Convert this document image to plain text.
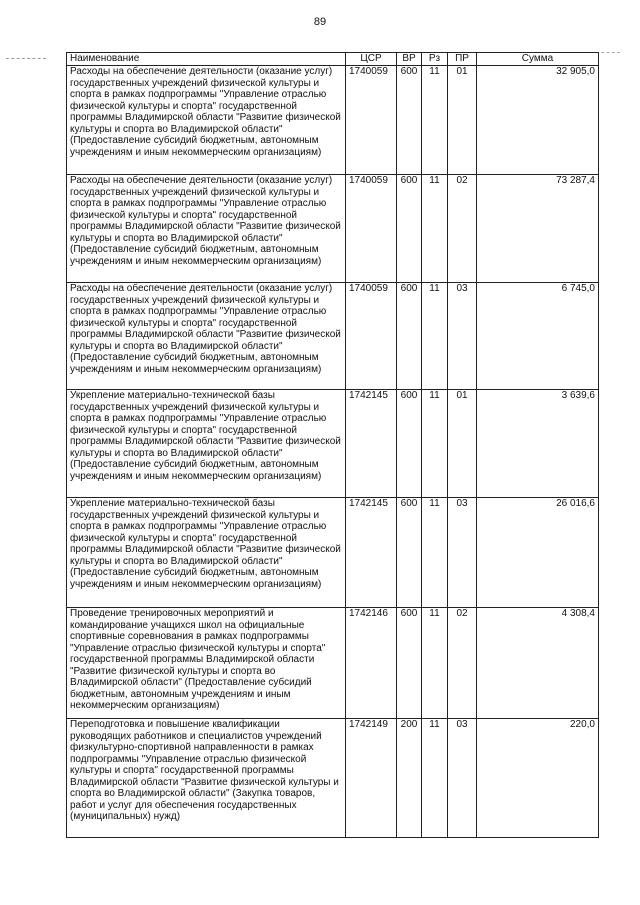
89
Наименование	ЦСР	ВР	Рз	ПР	Сумма
Расходы на обеспечение деятельности (оказание услуг) государственных учреждений физической культуры и спорта в рамках подпрограммы "Управление отраслью физической культуры и спорта" государственной программы Владимирской области "Развитие физической культуры и спорта во Владимирской области" (Предоставление субсидий бюджетным, автономным учреждениям и иным некоммерческим организациям)	1740059	600	11	01	32 905,0
Расходы на обеспечение деятельности (оказание услуг) государственных учреждений физической культуры и спорта в рамках подпрограммы "Управление отраслью физической культуры и спорта" государственной программы Владимирской области "Развитие физической культуры и спорта во Владимирской области" (Предоставление субсидий бюджетным, автономным учреждениям и иным некоммерческим организациям)	1740059	600	11	02	73 287,4
Расходы на обеспечение деятельности (оказание услуг) государственных учреждений физической культуры и спорта в рамках подпрограммы "Управление отраслью физической культуры и спорта" государственной программы Владимирской области "Развитие физической культуры и спорта во Владимирской области" (Предоставление субсидий бюджетным, автономным учреждениям и иным некоммерческим организациям)	1740059	600	11	03	6 745,0
Укрепление материально-технической базы государственных учреждений физической культуры и спорта в рамках подпрограммы "Управление отраслью физической культуры и спорта" государственной программы Владимирской области "Развитие физической культуры и спорта во Владимирской области" (Предоставление субсидий бюджетным, автономным учреждениям и иным некоммерческим организациям)	1742145	600	11	01	3 639,6
Укрепление материально-технической базы государственных учреждений физической культуры и спорта в рамках подпрограммы "Управление отраслью физической культуры и спорта" государственной программы Владимирской области "Развитие физической культуры и спорта во Владимирской области" (Предоставление субсидий бюджетным, автономным учреждениям и иным некоммерческим организациям)	1742145	600	11	03	26 016,6
Проведение тренировочных мероприятий и командирование учащихся школ на официальные спортивные соревнования в рамках подпрограммы "Управление отраслью физической культуры и спорта" государственной программы Владимирской области "Развитие физической культуры и спорта во Владимирской области" (Предоставление субсидий бюджетным, автономным учреждениям и иным некоммерческим организациям)	1742146	600	11	02	4 308,4
Переподготовка и повышение квалификации руководящих работников и специалистов учреждений физкультурно-спортивной направленности в рамках подпрограммы "Управление отраслью физической культуры и спорта" государственной программы Владимирской области "Развитие физической культуры и спорта во Владимирской области" (Закупка товаров, работ и услуг для обеспечения государственных (муниципальных) нужд)	1742149	200	11	03	220,0
